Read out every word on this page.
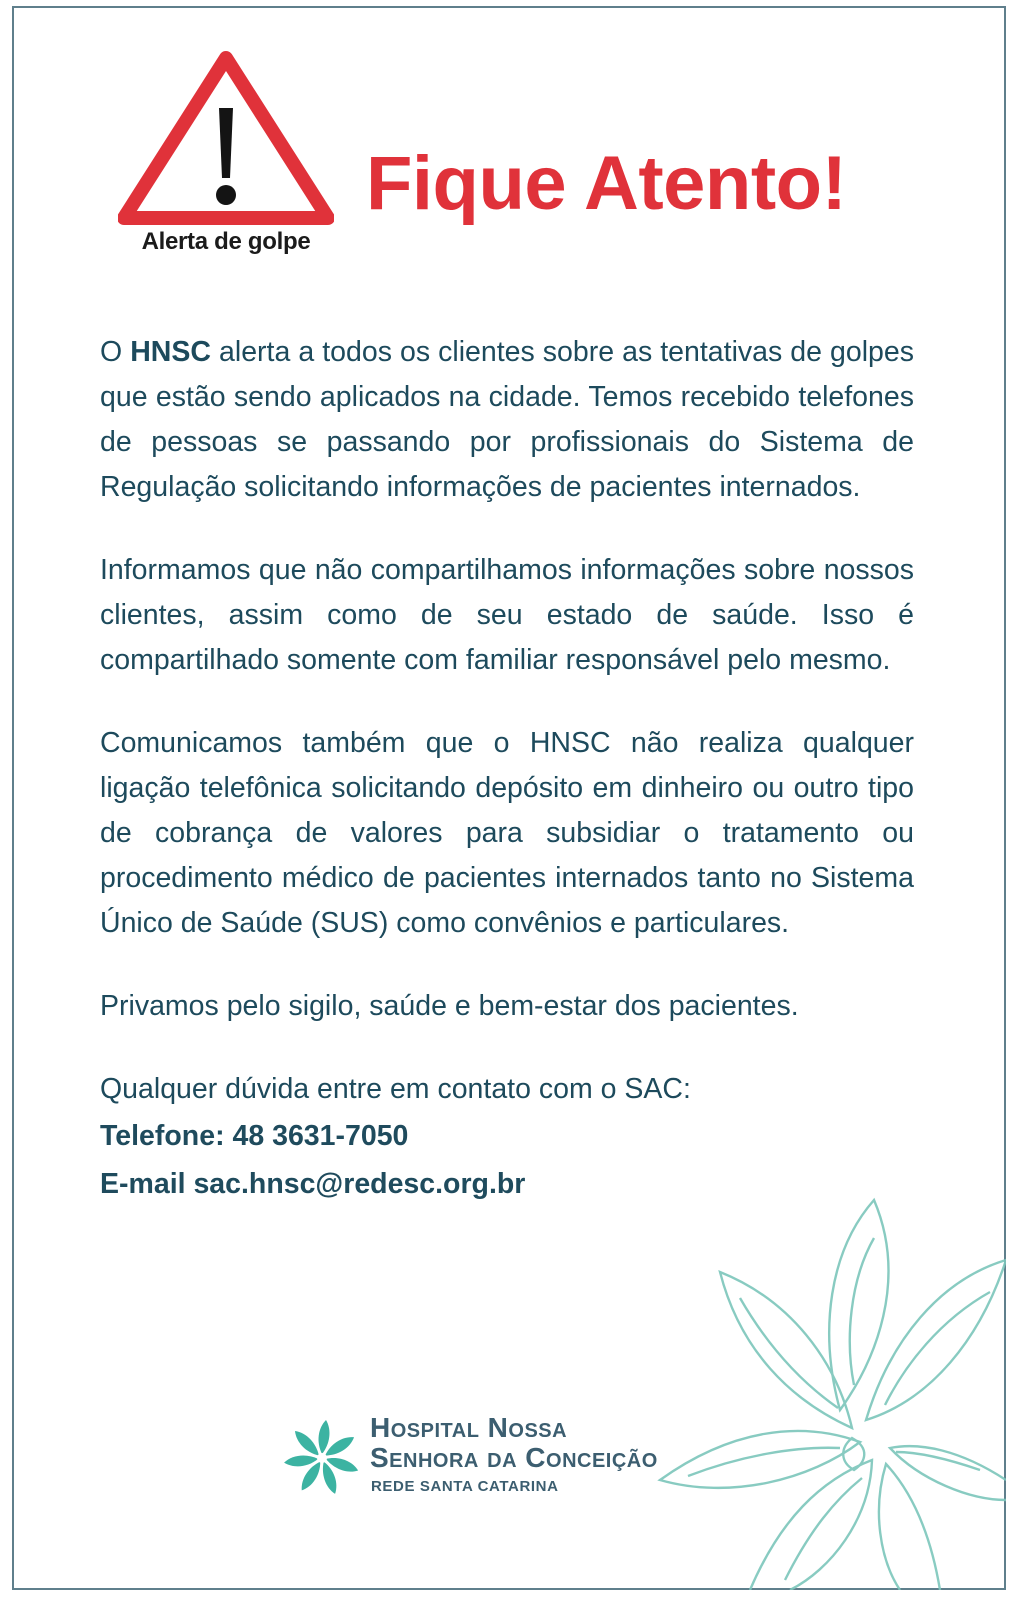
Alerta de golpe
Fique Atento!

O HNSC alerta a todos os clientes sobre as tentativas de golpes que estão sendo aplicados na cidade. Temos recebido telefones de pessoas se passando por profissionais do Sistema de Regulação solicitando informações de pacientes internados.

Informamos que não compartilhamos informações sobre nossos clientes, assim como de seu estado de saúde. Isso é compartilhado somente com familiar responsável pelo mesmo.

Comunicamos também que o HNSC não realiza qualquer ligação telefônica solicitando depósito em dinheiro ou outro tipo de cobrança de valores para subsidiar o tratamento ou procedimento médico de pacientes internados tanto no Sistema Único de Saúde (SUS) como convênios e particulares.

Privamos pelo sigilo, saúde e bem-estar dos pacientes.

Qualquer dúvida entre em contato com o SAC:
Telefone: 48 3631-7050
E-mail sac.hnsc@redesc.org.br
Hospital Nossa
Senhora da Conceição
REDE SANTA CATARINA
